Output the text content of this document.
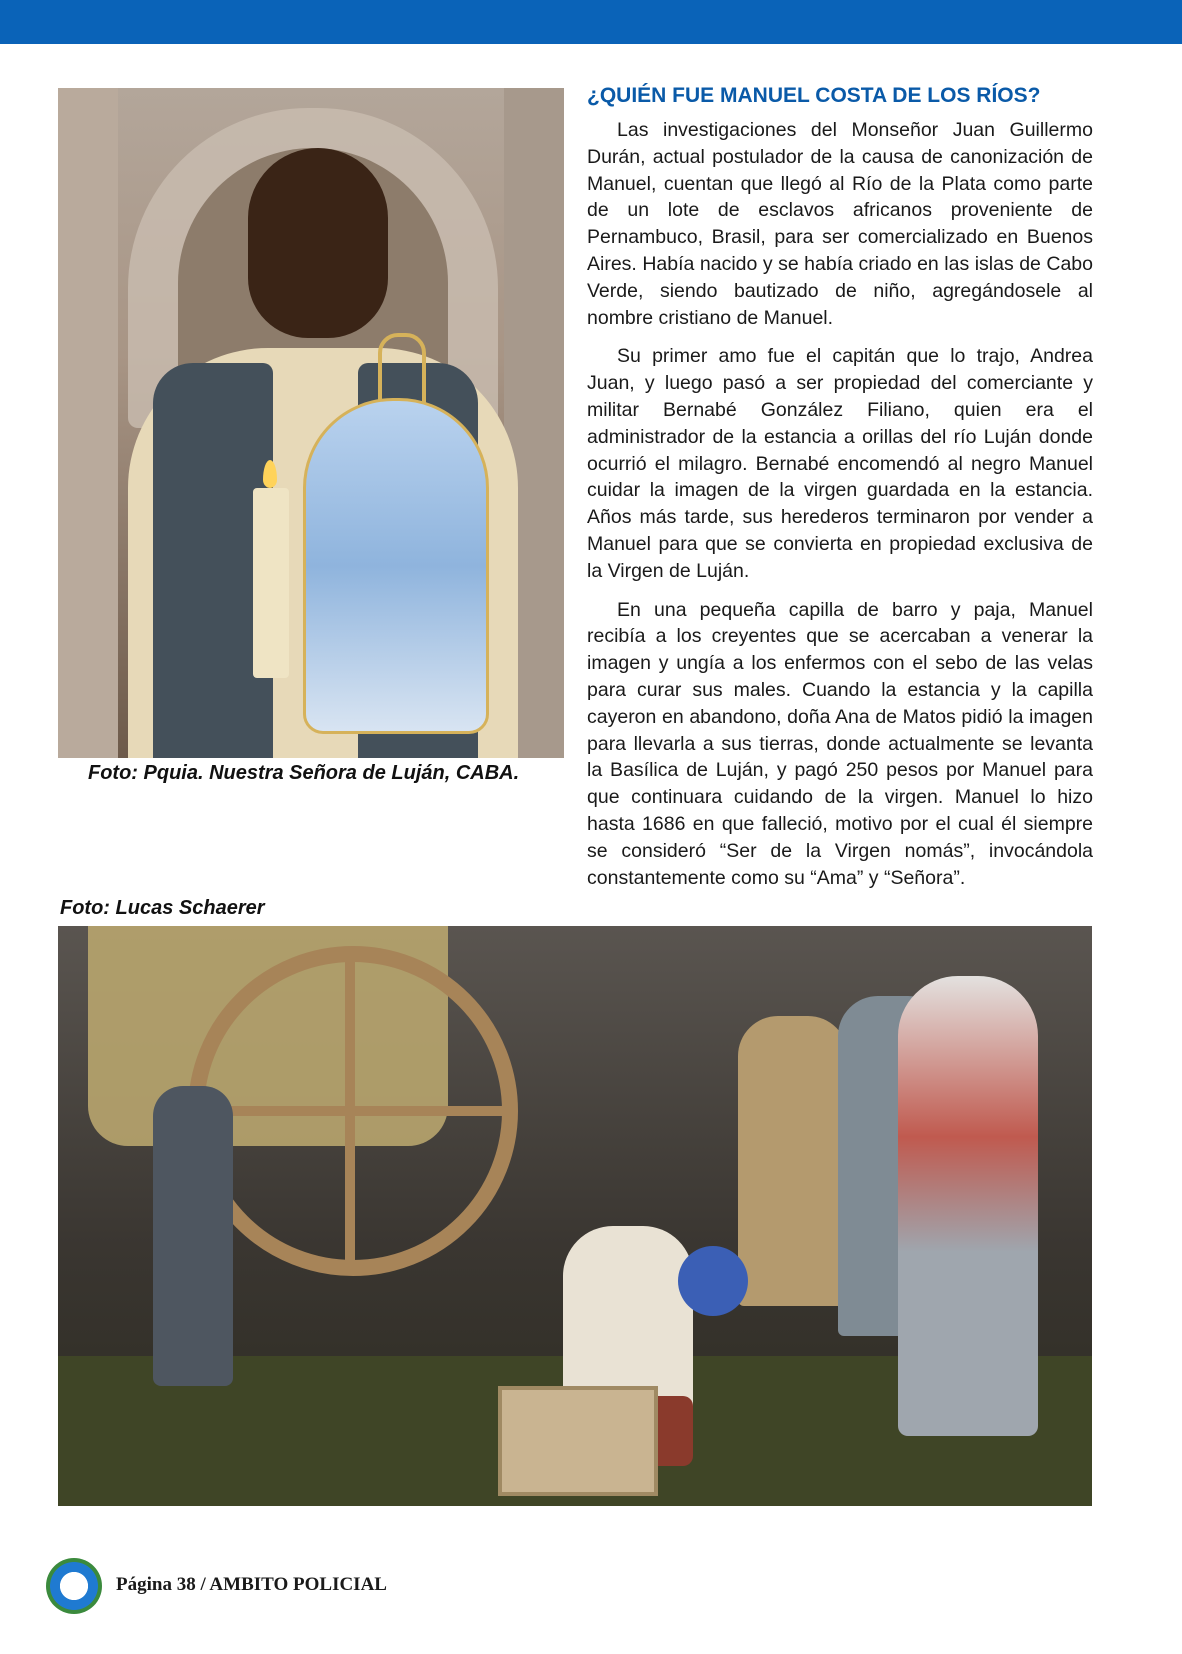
Foto: Pquia. Nuestra Señora de Luján, CABA.
¿QUIÉN FUE MANUEL COSTA DE LOS RÍOS?

Las investigaciones del Monseñor Juan Guillermo Durán, actual postulador de la causa de canonización de Manuel, cuentan que llegó al Río de la Plata como parte de un lote de esclavos africanos proveniente de Pernambuco, Brasil, para ser comercializado en Buenos Aires. Había nacido y se había criado en las islas de Cabo Verde, siendo bautizado de niño, agregándosele al nombre cristiano de Manuel.

Su primer amo fue el capitán que lo trajo, Andrea Juan, y luego pasó a ser propiedad del comerciante y militar Bernabé González Filiano, quien era el administrador de la estancia a orillas del río Luján donde ocurrió el milagro. Bernabé encomendó al negro Manuel cuidar la imagen de la virgen guardada en la estancia. Años más tarde, sus herederos terminaron por vender a Manuel para que se convierta en propiedad exclusiva de la Virgen de Luján.

En una pequeña capilla de barro y paja, Manuel recibía a los creyentes que se acercaban a venerar la imagen y ungía a los enfermos con el sebo de las velas para curar sus males. Cuando la estancia y la capilla cayeron en abandono, doña Ana de Matos pidió la imagen para llevarla a sus tierras, donde actualmente se levanta la Basílica de Luján, y pagó 250 pesos por Manuel para que continuara cuidando de la virgen. Manuel lo hizo hasta 1686 en que falleció, motivo por el cual él siempre se consideró “Ser de la Virgen nomás”, invocándola constantemente como su “Ama” y “Señora”.

Foto: Lucas Schaerer
Página 38 / AMBITO POLICIAL
